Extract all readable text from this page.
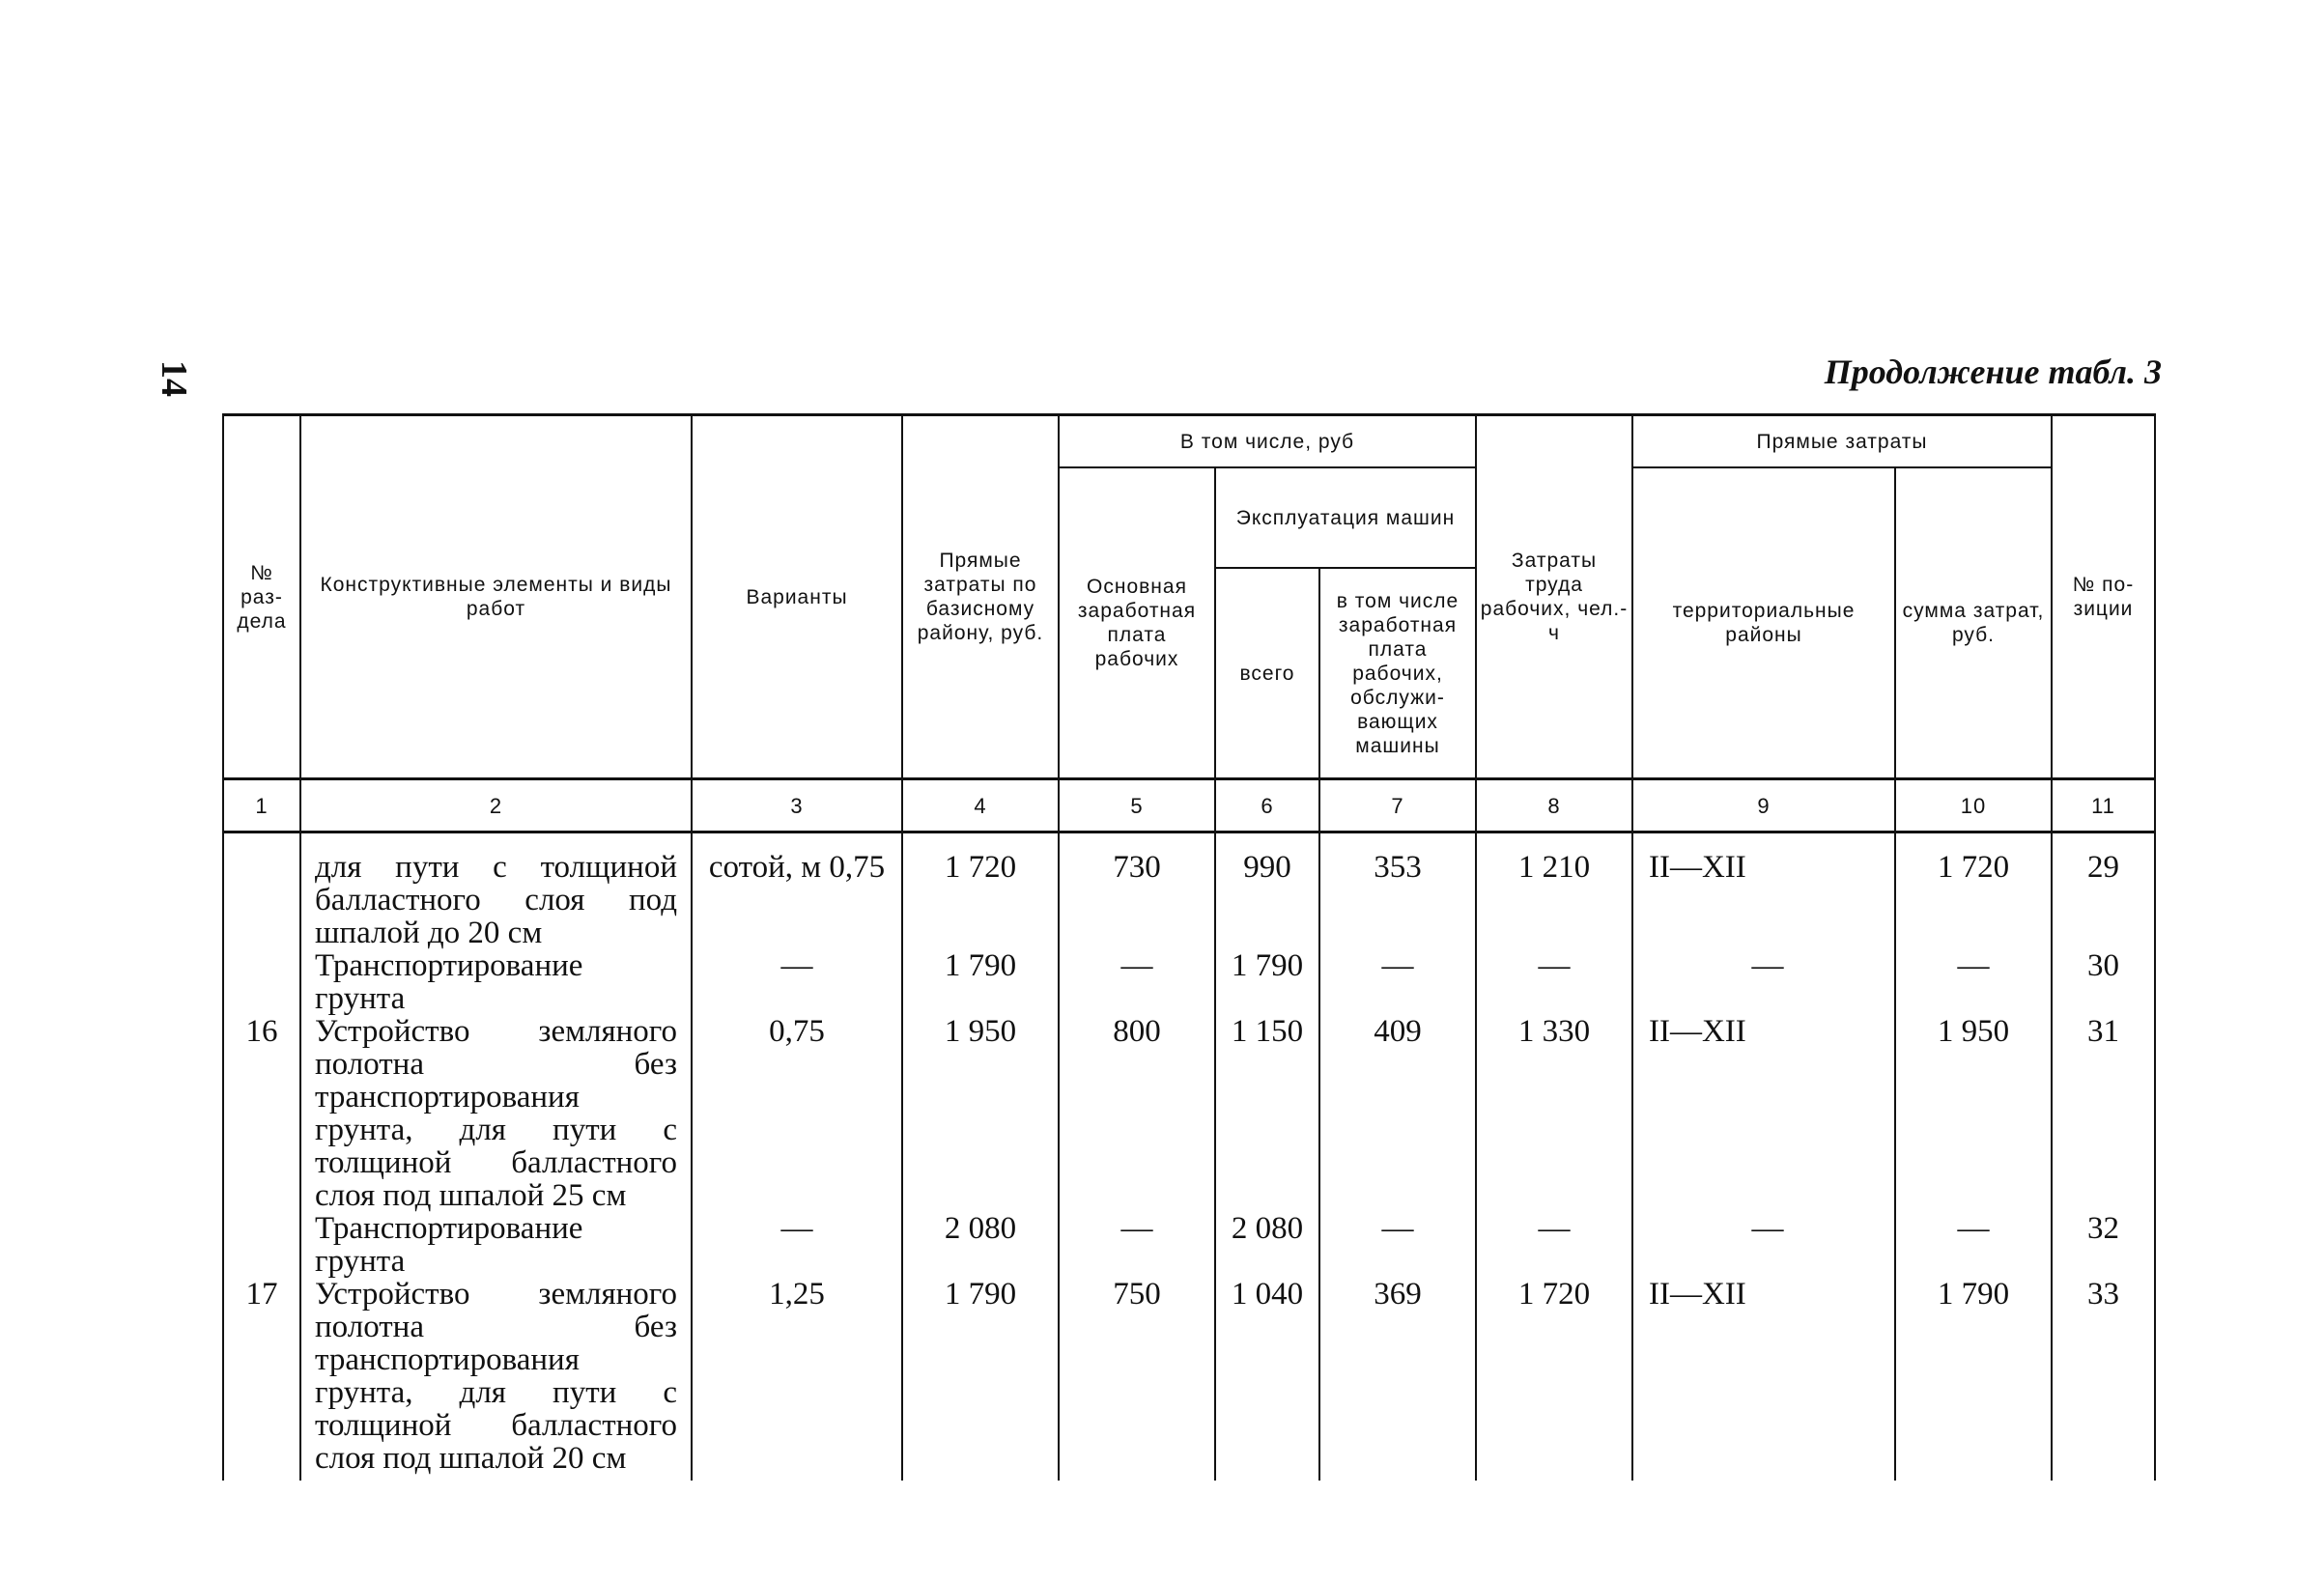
14	Продолжение табл. 3
№ раз-дела	Конструктивные элементы и виды работ	Варианты	Прямые затраты по базисному району, руб.	В том числе, руб			Затраты труда рабочих, чел.-ч	Прямые затраты		№ по-зиции
				Основная заработная плата рабочих	Эксплуатация машин			территориальные районы	сумма затрат, руб.	
					всего	в том числе заработная плата рабочих, обслужи-вающих машины				
1	2	3	4	5	6	7	8	9	10	11
	для пути с толщиной балластного слоя под шпалой до 20 см	сотой, м 0,75	1 720	730	990	353	1 210	II—XII	1 720	29
	Транспортирование грунта	—	1 790	—	1 790	—	—	—	—	30
16	Устройство земляного полотна без транспортирования грунта, для пути с толщиной балластного слоя под шпалой 25 см	0,75	1 950	800	1 150	409	1 330	II—XII	1 950	31
	Транспортирование грунта	—	2 080	—	2 080	—	—	—	—	32
17	Устройство земляного полотна без транспортирования грунта, для пути с толщиной балластного слоя под шпалой 20 см	1,25	1 790	750	1 040	369	1 720	II—XII	1 790	33
